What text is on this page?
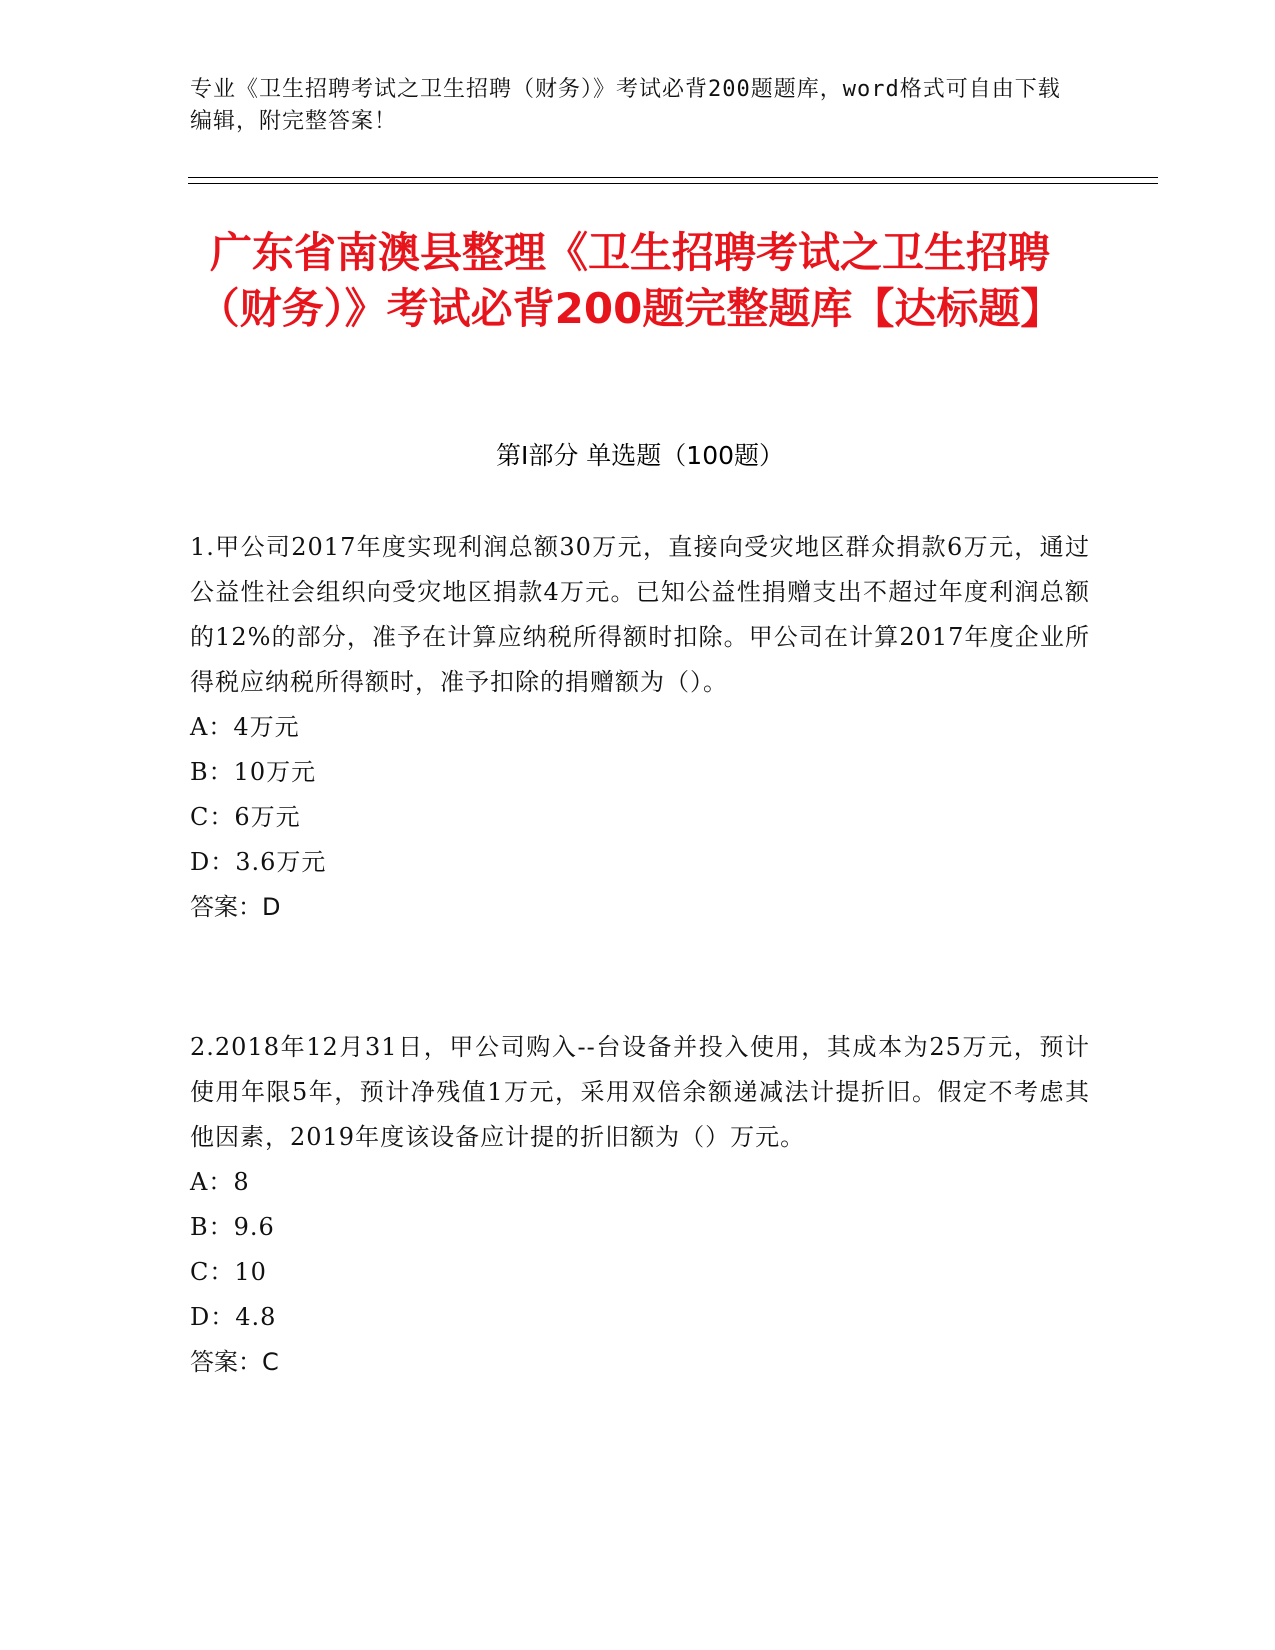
专业《卫生招聘考试之卫生招聘（财务）》考试必背200题题库，word格式可自由下载编辑，附完整答案！

广东省南澳县整理《卫生招聘考试之卫生招聘（财务）》考试必背200题完整题库【达标题】
第Ⅰ部分 单选题（100题）

1.甲公司2017年度实现利润总额30万元，直接向受灾地区群众捐款6万元，通过公益性社会组织向受灾地区捐款4万元。已知公益性捐赠支出不超过年度利润总额的12%的部分，准予在计算应纳税所得额时扣除。甲公司在计算2017年度企业所得税应纳税所得额时，准予扣除的捐赠额为（）。

A：4万元
B：10万元
C：6万元
D：3.6万元

答案：D

2.2018年12月31日，甲公司购入--台设备并投入使用，其成本为25万元，预计使用年限5年，预计净残值1万元，采用双倍余额递减法计提折旧。假定不考虑其他因素，2019年度该设备应计提的折旧额为（）万元。

A：8
B：9.6
C：10
D：4.8

答案：C
